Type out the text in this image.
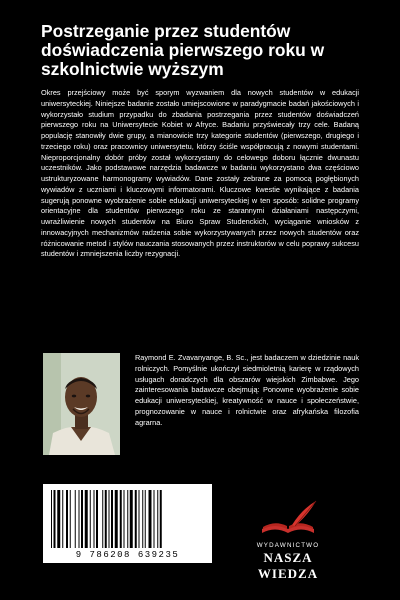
Postrzeganie przez studentów doświadczenia pierwszego roku w szkolnictwie wyższym

Okres przejściowy może być sporym wyzwaniem dla nowych studentów w edukacji uniwersyteckiej. Niniejsze badanie zostało umiejscowione w paradygmacie badań jakościowych i wykorzystało studium przypadku do zbadania postrzegania przez studentów doświadczeń pierwszego roku na Uniwersytecie Kobiet w Afryce. Badaniu przyświecały trzy cele. Badaną populację stanowiły dwie grupy, a mianowicie trzy kategorie studentów (pierwszego, drugiego i trzeciego roku) oraz pracownicy uniwersytetu, którzy ściśle współpracują z nowymi studentami. Nieproporcjonalny dobór próby został wykorzystany do celowego doboru łącznie dwunastu uczestników. Jako podstawowe narzędzia badawcze w badaniu wykorzystano dwa częściowo ustrukturyzowane harmonogramy wywiadów. Dane zostały zebrane za pomocą pogłębionych wywiadów z uczniami i kluczowymi informatorami. Kluczowe kwestie wynikające z badania sugerują ponowne wyobrażenie sobie edukacji uniwersyteckiej w ten sposób: solidne programy orientacyjne dla studentów pierwszego roku ze starannymi działaniami następczymi, uwrażliwienie nowych studentów na Biuro Spraw Studenckich, wyciąganie wniosków z innowacyjnych mechanizmów radzenia sobie wykorzystywanych przez nowych studentów oraz różnicowanie metod i stylów nauczania stosowanych przez instruktorów w celu poprawy sukcesu studentów i zmniejszenia liczby rezygnacji.

Raymond E. Zvavanyange, B. Sc., jest badaczem w dziedzinie nauk rolniczych. Pomyślnie ukończył siedmioletnią karierę w rządowych usługach doradczych dla obszarów wiejskich Zimbabwe. Jego zainteresowania badawcze obejmują: Ponowne wyobrażenie sobie edukacji uniwersyteckiej, kreatywność w nauce i społeczeństwie, prognozowanie w nauce i rolnictwie oraz afrykańska filozofia agrarna.

9 786208 639235
WYDAWNICTWO
NASZA WIEDZA
